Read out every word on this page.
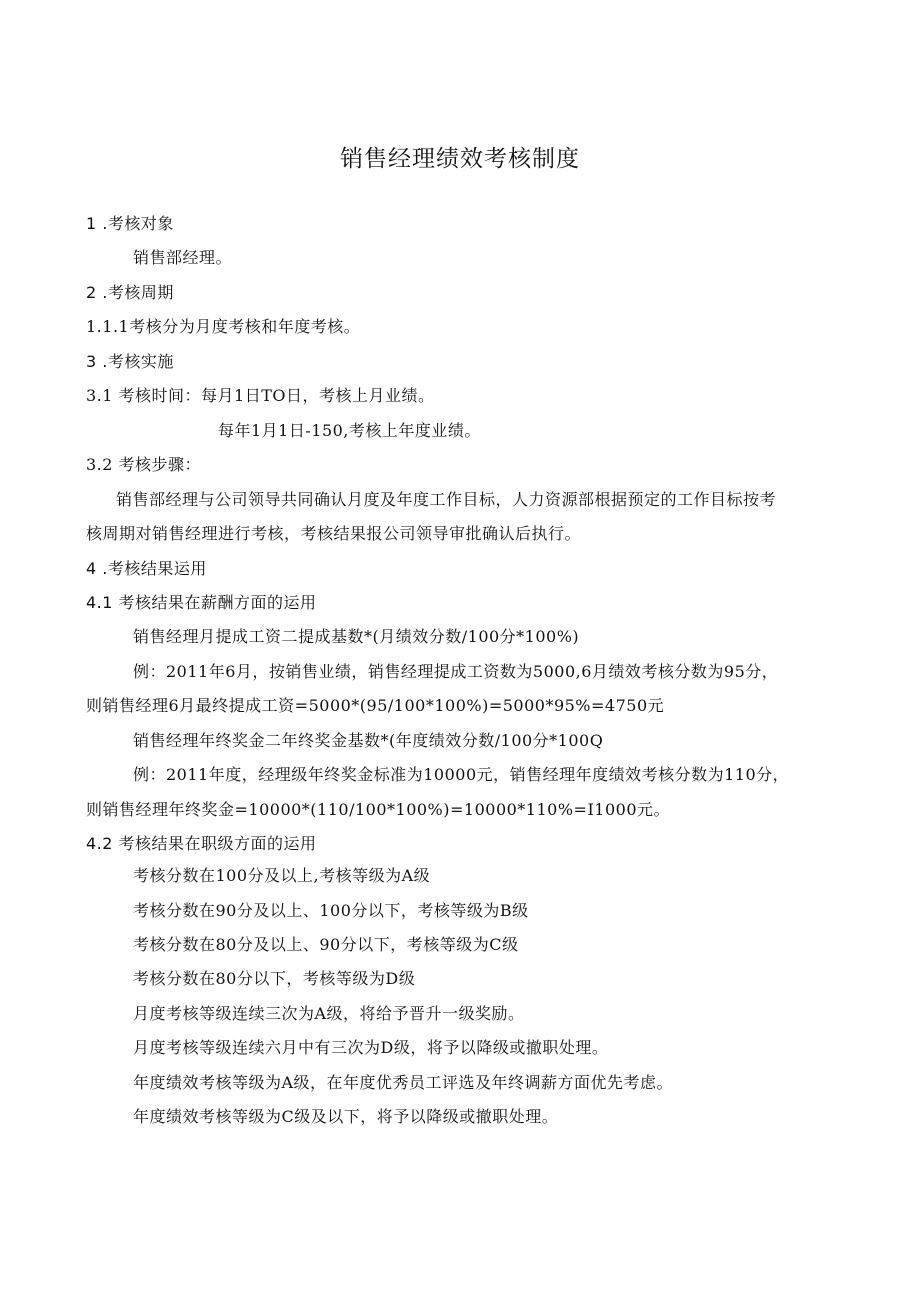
销售经理绩效考核制度
1 .考核对象
销售部经理。
2 .考核周期
1.1.1考核分为月度考核和年度考核。
3 .考核实施
3.1 考核时间：每月1日TO日，考核上月业绩。
每年1月1日-150,考核上年度业绩。
3.2 考核步骤：
销售部经理与公司领导共同确认月度及年度工作目标，人力资源部根据预定的工作目标按考
核周期对销售经理进行考核，考核结果报公司领导审批确认后执行。
4 .考核结果运用
4.1 考核结果在薪酬方面的运用
销售经理月提成工资二提成基数*(月绩效分数/100分*100%)
例：2011年6月，按销售业绩，销售经理提成工资数为5000,6月绩效考核分数为95分，
则销售经理6月最终提成工资=5000*(95/100*100%)=5000*95%=4750元
销售经理年终奖金二年终奖金基数*(年度绩效分数/100分*100Q
例：2011年度，经理级年终奖金标准为10000元，销售经理年度绩效考核分数为110分，
则销售经理年终奖金=10000*(110/100*100%)=10000*110%=I1000元。
4.2 考核结果在职级方面的运用
考核分数在100分及以上,考核等级为A级
考核分数在90分及以上、100分以下，考核等级为B级
考核分数在80分及以上、90分以下，考核等级为C级
考核分数在80分以下，考核等级为D级
月度考核等级连续三次为A级，将给予晋升一级奖励。
月度考核等级连续六月中有三次为D级，将予以降级或撤职处理。
年度绩效考核等级为A级，在年度优秀员工评选及年终调薪方面优先考虑。
年度绩效考核等级为C级及以下，将予以降级或撤职处理。
